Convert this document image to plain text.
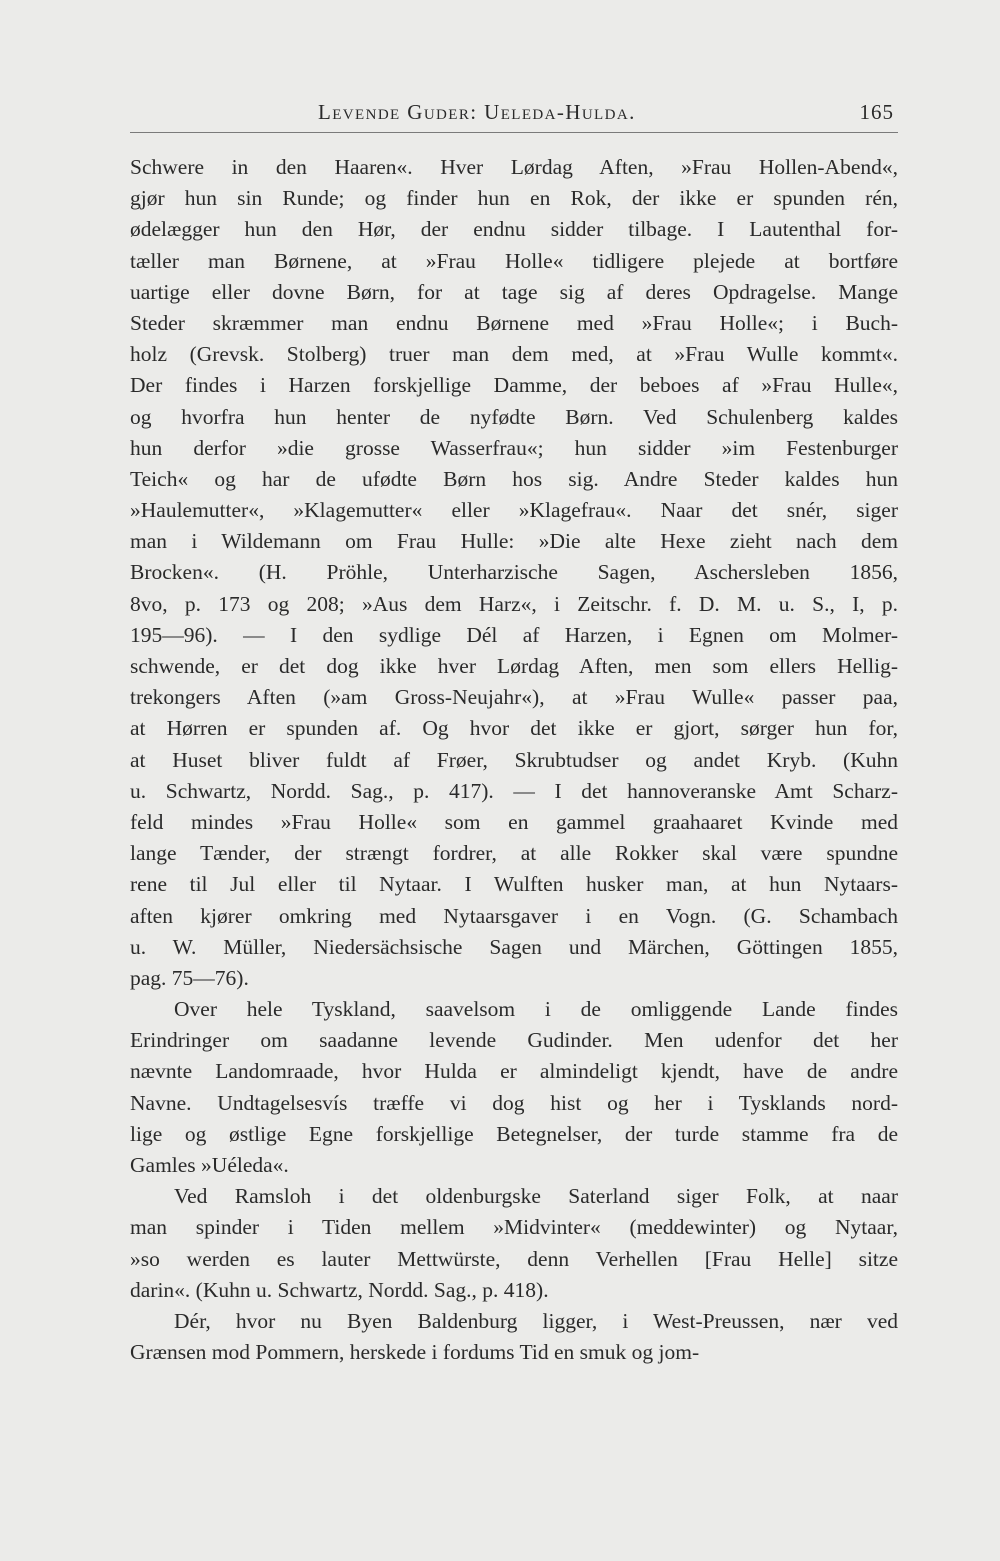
Levende Guder: Ueleda-Hulda.	165
Schwere in den Haaren«. Hver Lørdag Aften, »Frau Hollen-Abend«,
gjør hun sin Runde; og finder hun en Rok, der ikke er spunden rén,
ødelægger hun den Hør, der endnu sidder tilbage. I Lautenthal for-
tæller man Børnene, at »Frau Holle« tidligere plejede at bortføre
uartige eller dovne Børn, for at tage sig af deres Opdragelse. Mange
Steder skræmmer man endnu Børnene med »Frau Holle«; i Buch-
holz (Grevsk. Stolberg) truer man dem med, at »Frau Wulle kommt«.
Der findes i Harzen forskjellige Damme, der beboes af »Frau Hulle«,
og hvorfra hun henter de nyfødte Børn. Ved Schulenberg kaldes
hun derfor »die grosse Wasserfrau«; hun sidder »im Festenburger
Teich« og har de ufødte Børn hos sig. Andre Steder kaldes hun
»Haulemutter«, »Klagemutter« eller »Klagefrau«. Naar det snér, siger
man i Wildemann om Frau Hulle: »Die alte Hexe zieht nach dem
Brocken«. (H. Pröhle, Unterharzische Sagen, Aschersleben 1856,
8vo, p. 173 og 208; »Aus dem Harz«, i Zeitschr. f. D. M. u. S., I, p.
195—96). — I den sydlige Dél af Harzen, i Egnen om Molmer-
schwende, er det dog ikke hver Lørdag Aften, men som ellers Hellig-
trekongers Aften (»am Gross-Neujahr«), at »Frau Wulle« passer paa,
at Hørren er spunden af. Og hvor det ikke er gjort, sørger hun for,
at Huset bliver fuldt af Frøer, Skrubtudser og andet Kryb. (Kuhn
u. Schwartz, Nordd. Sag., p. 417). — I det hannoveranske Amt Scharz-
feld mindes »Frau Holle« som en gammel graahaaret Kvinde med
lange Tænder, der strængt fordrer, at alle Rokker skal være spundne
rene til Jul eller til Nytaar. I Wulften husker man, at hun Nytaars-
aften kjører omkring med Nytaarsgaver i en Vogn. (G. Schambach
u. W. Müller, Niedersächsische Sagen und Märchen, Göttingen 1855,
pag. 75—76).
Over hele Tyskland, saavelsom i de omliggende Lande findes
Erindringer om saadanne levende Gudinder. Men udenfor det her
nævnte Landomraade, hvor Hulda er almindeligt kjendt, have de andre
Navne. Undtagelsesvís træffe vi dog hist og her i Tysklands nord-
lige og østlige Egne forskjellige Betegnelser, der turde stamme fra de
Gamles »Uéleda«.
Ved Ramsloh i det oldenburgske Saterland siger Folk, at naar
man spinder i Tiden mellem »Midvinter« (meddewinter) og Nytaar,
»so werden es lauter Mettwürste, denn Verhellen [Frau Helle] sitze
darin«. (Kuhn u. Schwartz, Nordd. Sag., p. 418).
Dér, hvor nu Byen Baldenburg ligger, i West-Preussen, nær ved
Grænsen mod Pommern, herskede i fordums Tid en smuk og jom-
